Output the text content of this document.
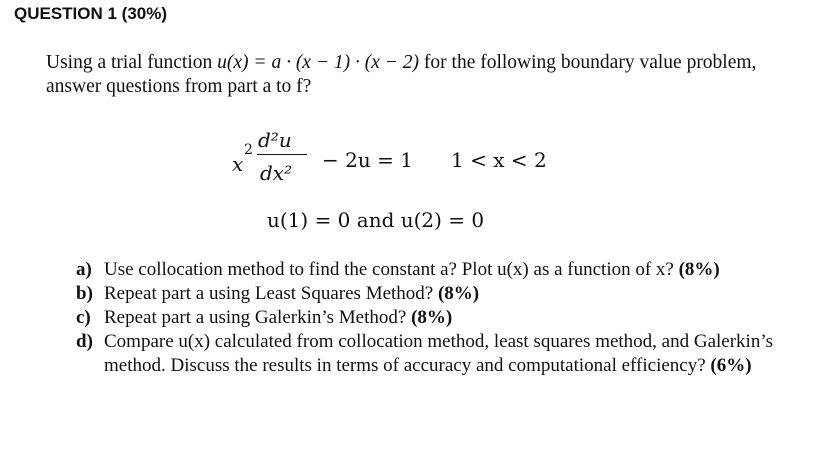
QUESTION 1 (30%)
Using a trial function u(x) = a · (x − 1) · (x − 2) for the following boundary value problem, answer questions from part a to f?
x
2 d²u
dx²
− 2u = 1 1 < x < 2
u(1) = 0 and u(2) = 0
a) Use collocation method to find the constant a? Plot u(x) as a function of x? (8%)
b) Repeat part a using Least Squares Method? (8%)
c) Repeat part a using Galerkin’s Method? (8%)
d) Compare u(x) calculated from collocation method, least squares method, and Galerkin’s method. Discuss the results in terms of accuracy and computational efficiency? (6%)
